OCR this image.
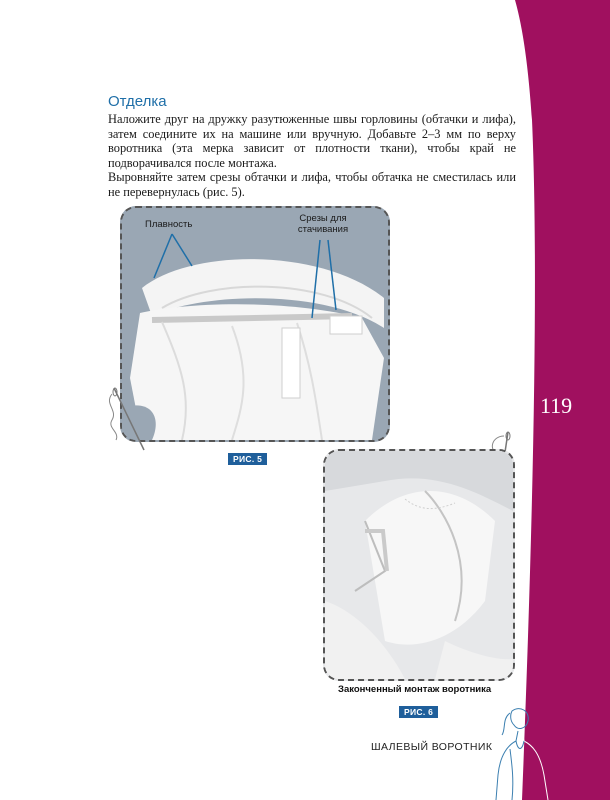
119
Отделка

Наложите друг на дружку разутюженные швы горловины (обтачки и лифа), затем соедините их на машине или вручную. Добавьте 2–3 мм по верху воротника (эта мерка зависит от плотности ткани), чтобы край не подворачивался после монтажа.

Выровняйте затем срезы обтачки и лифа, чтобы обтачка не сместилась или не перевернулась (рис. 5).

Плавность
Срезы для стачивания
РИС. 5
Законченный монтаж воротника
РИС. 6
ШАЛЕВЫЙ ВОРОТНИК
